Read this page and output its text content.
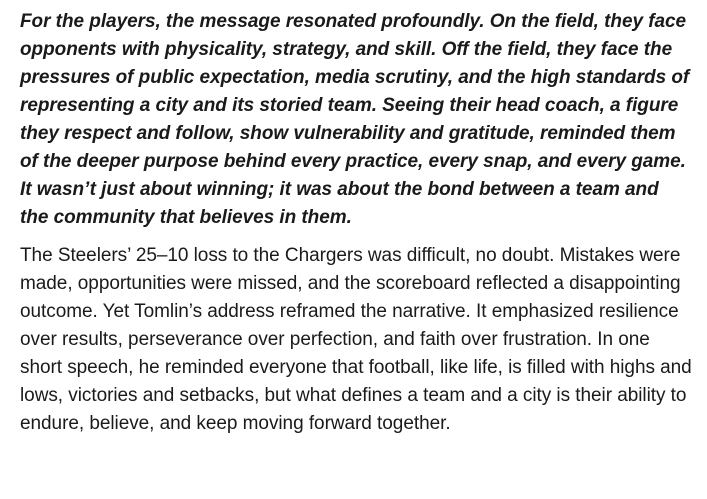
For the players, the message resonated profoundly. On the field, they face opponents with physicality, strategy, and skill. Off the field, they face the pressures of public expectation, media scrutiny, and the high standards of representing a city and its storied team. Seeing their head coach, a figure they respect and follow, show vulnerability and gratitude, reminded them of the deeper purpose behind every practice, every snap, and every game. It wasn’t just about winning; it was about the bond between a team and the community that believes in them.

The Steelers’ 25–10 loss to the Chargers was difficult, no doubt. Mistakes were made, opportunities were missed, and the scoreboard reflected a disappointing outcome. Yet Tomlin’s address reframed the narrative. It emphasized resilience over results, perseverance over perfection, and faith over frustration. In one short speech, he reminded everyone that football, like life, is filled with highs and lows, victories and setbacks, but what defines a team and a city is their ability to endure, believe, and keep moving forward together.
